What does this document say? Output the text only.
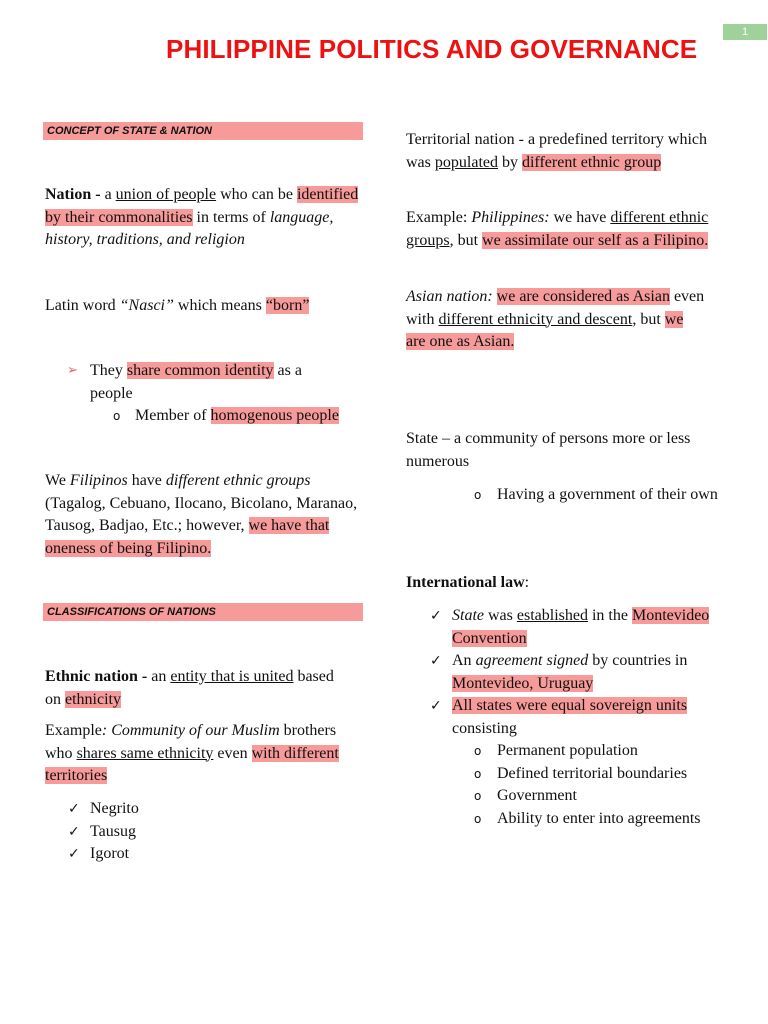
1
PHILIPPINE POLITICS AND GOVERNANCE
CONCEPT OF STATE & NATION

Nation - a union of people who can be identified by their commonalities in terms of language, history, traditions, and religion

Latin word “Nasci” which means “born”

➢ They share common identity as a people

o Member of homogenous people

We Filipinos have different ethnic groups (Tagalog, Cebuano, Ilocano, Bicolano, Maranao, Tausog, Badjao, Etc.; however, we have that oneness of being Filipino.

CLASSIFICATIONS OF NATIONS

Ethnic nation - an entity that is united based on ethnicity

Example: Community of our Muslim brothers who shares same ethnicity even with different territories

✓ Negrito
✓ Tausug
✓ Igorot

Territorial nation - a predefined territory which was populated by different ethnic group

Example: Philippines: we have different ethnic groups, but we assimilate our self as a Filipino.

Asian nation: we are considered as Asian even with different ethnicity and descent, but we are one as Asian.

State – a community of persons more or less numerous

o Having a government of their own

International law:

✓ State was established in the Montevideo Convention

✓ An agreement signed by countries in Montevideo, Uruguay

✓ All states were equal sovereign units consisting

o Permanent population
o Defined territorial boundaries
o Government
o Ability to enter into agreements
